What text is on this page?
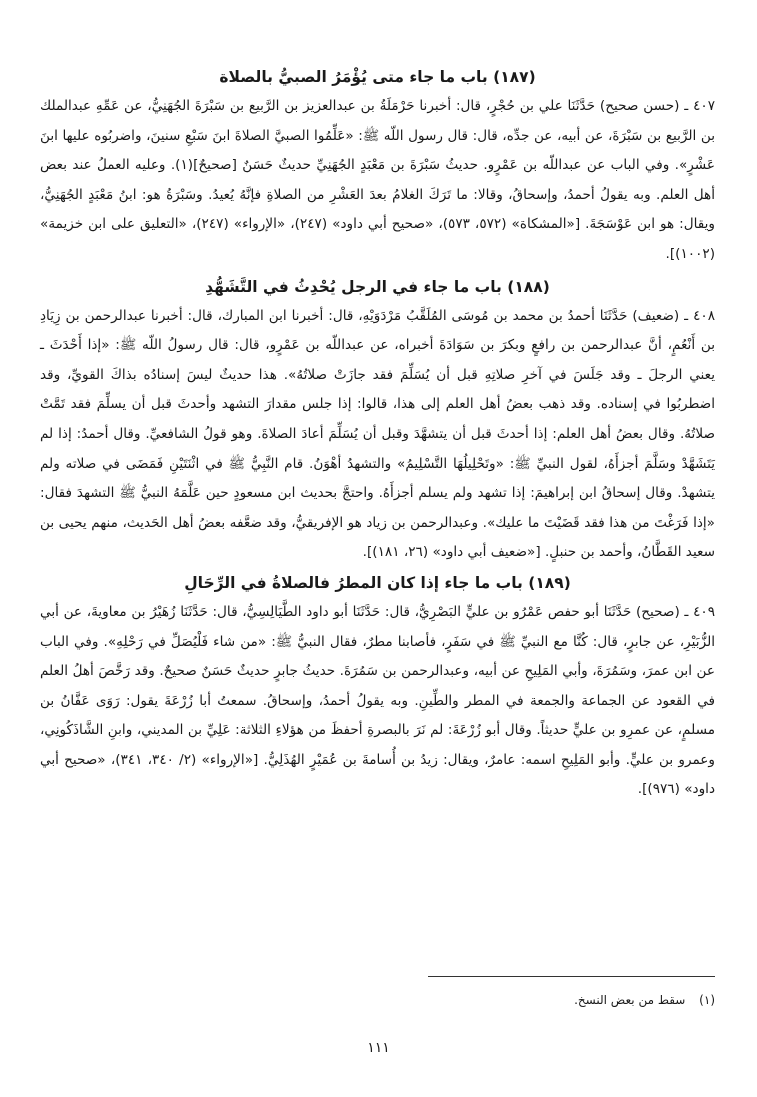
(١٨٧) باب ما جاء متى يُؤْمَرُ الصبيُّ بالصلاة

٤٠٧ ـ (حسن صحيح) حَدَّثَنَا علي بن حُجْرٍ، قال: أخبرنا حَرْمَلَةُ بن عبدالعزيز بن الرَّبيع بن سَبْرَةَ الجُهَنِيُّ، عن عَمِّهِ عبدالملك بن الرَّبيع بن سَبْرَةَ، عن أبيه، عن جدِّه، قال: قال رسول اللّه ﷺ: «عَلِّمُوا الصبيَّ الصلاةَ ابنَ سَبْعِ سنينَ، واضربُوه عليها ابنَ عَشْرٍ». وفي الباب عن عبداللّه بن عَمْرٍو. حديثُ سَبْرَةَ بن مَعْبَدٍ الجُهَنِيِّ حديثٌ حَسَنٌ [صحيحٌ](١). وعليه العملُ عند بعض أهل العلم. وبه يقولُ أحمدُ، وإسحاقُ، وقالا: ما تَرَكَ الغلامُ بعدَ العَشْرِ من الصلاةِ فإنَّهُ يُعيدُ. وسَبْرَةُ هو: ابنُ مَعْبَدٍ الجُهَنِيُّ، ويقال: هو ابن عَوْسَجَةَ. [«المشكاة» (٥٧٢، ٥٧٣)، «صحيح أبي داود» (٢٤٧)، «الإرواء» (٢٤٧)، «التعليق على ابن خزيمة» (١٠٠٢)].

(١٨٨) باب ما جاء في الرجل يُحْدِثُ في التَّشَهُّدِ

٤٠٨ ـ (ضعيف) حَدَّثَنَا أحمدُ بن محمد بن مُوسَى المُلَقَّبُ مَرْدَوَيْهِ، قال: أخبرنا ابن المبارك، قال: أخبرنا عبدالرحمن بن زِيَادِ بن أَنْعُمٍ، أنَّ عبدالرحمن بن رافعٍ وبكرَ بن سَوَادَةَ أخبراه، عن عبداللّه بن عَمْرٍو، قال: قال رسولُ اللّه ﷺ: «إذا أَحْدَثَ ـ يعني الرجلَ ـ وقد جَلَسَ في آخرِ صلاتِهِ قبل أن يُسَلِّمَ فقد جازَتْ صلاتُهُ». هذا حديثٌ ليسَ إسنادُه بذاكَ القويِّ، وقد اضطربُوا في إسناده. وقد ذهب بعضُ أهل العلم إلى هذا، قالوا: إذا جلس مقدارَ التشهد وأحدثَ قبل أن يسلِّمَ فقد تَمَّتْ صلاتُهُ. وقال بعضُ أهل العلم: إذا أحدثَ قبل أن يتشهَّدَ وقبل أن يُسَلِّمَ أعادَ الصلاةَ. وهو قولُ الشافعيِّ. وقال أحمدُ: إذا لم يَتَشَهَّدْ وسَلَّمَ أجزأَهُ، لقول النبيِّ ﷺ: «وتَحْلِيلُهَا التَّسْلِيمُ» والتشهدُ أهْوَنُ. قام النَّبِيُّ ﷺ في اثْنَتَيْنِ فَمَضَى في صلاته ولم يتشهدْ. وقال إسحاقُ ابن إبراهيمَ: إذا تشهد ولم يسلم أجزأَهُ. واحتجَّ بحديث ابن مسعودٍ حين عَلَّمَهُ النبيُّ ﷺ التشهدَ فقال: «إذا فَرَغْتَ من هذا فقد قَضَيْتَ ما عليك». وعبدالرحمن بن زياد هو الإفريقيُّ، وقد ضعَّفه بعضُ أهل الحَديث، منهم يحيى بن سعيد القَطَّانُ، وأحمد بن حنبلٍ. [«ضعيف أبي داود» (٢٦، ١٨١)].

(١٨٩) باب ما جاء إذا كان المطرُ فالصلاةُ في الرِّحَالِ

٤٠٩ ـ (صحيح) حَدَّثَنَا أبو حفص عَمْرُو بن عليٍّ البَصْرِيُّ، قال: حَدَّثَنَا أبو داود الطَّيَالِسِيُّ، قال: حَدَّثَنَا زُهَيْرُ بن معاويةَ، عن أبي الزُّبَيْرِ، عن جابرٍ، قال: كُنَّا مع النبيِّ ﷺ في سَفَرٍ، فأصابنا مطرٌ، فقال النبيُّ ﷺ: «من شاء فَلْيُصَلِّ في رَحْلِهِ». وفي الباب عن ابن عمرَ، وسَمُرَةَ، وأبي المَلِيحِ عن أبيه، وعبدالرحمن بن سَمُرَةَ. حديثُ جابرٍ حديثٌ حَسَنٌ صحيحٌ. وقد رَخَّصَ أهلُ العلم في القعود عن الجماعة والجمعة في المطر والطِّينِ. وبه يقولُ أحمدُ، وإسحاقُ. سمعتُ أبا زُرْعَةَ يقول: رَوَى عَفَّانُ بن مسلمٍ، عن عمرِو بن عليٍّ حديثاً. وقال أبو زُرْعَةَ: لم نَرَ بالبصرةِ أحفظَ من هؤلاءِ الثلاثة: عَلِيِّ بن المديني، وابنِ الشَّاذَكُونِي، وعمرو بن عليٍّ. وأبو المَلِيحِ اسمه: عامرٌ، ويقال: زيدُ بن أُسامةَ بن عُمَيْرٍ الهُذَلِيُّ. [«الإرواء» (٢/ ٣٤٠، ٣٤١)، «صحيح أبي داود» (٩٧٦)].

(١) سقط من بعض النسخ.
١١١
